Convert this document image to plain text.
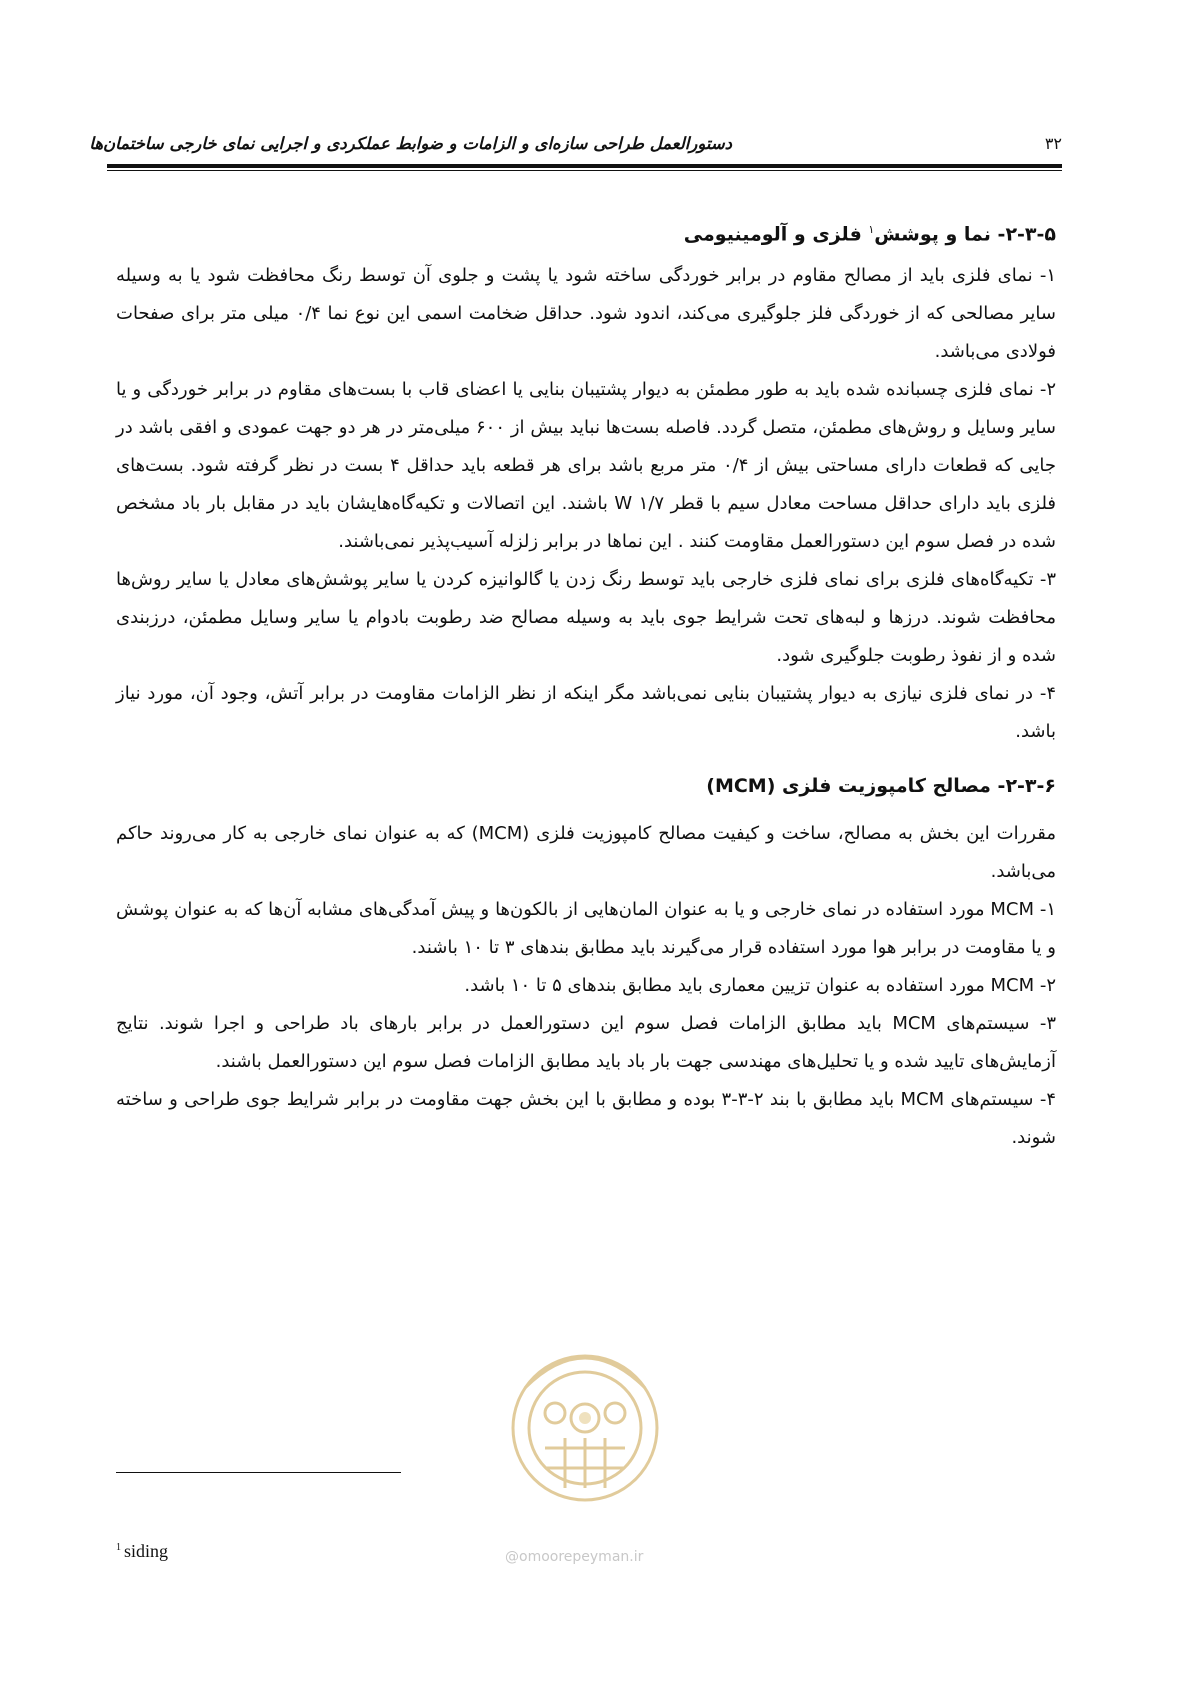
دستورالعمل طراحی سازه‌ای و الزامات و ضوابط عملکردی و اجرایی نمای خارجی ساختمان‌ها	۳۲
۲-۳-۵- نما و پوشش$^۱$ فلزی و آلومینیومی

۱- نمای فلزی باید از مصالح مقاوم در برابر خوردگی ساخته شود یا پشت و جلوی آن توسط رنگ محافظت شود یا به وسیله سایر مصالحی که از خوردگی فلز جلوگیری می‌کند، اندود شود. حداقل ضخامت اسمی این نوع نما ۰/۴ میلی متر برای صفحات فولادی می‌باشد.

۲- نمای فلزی چسبانده شده باید به طور مطمئن به دیوار پشتیبان بنایی یا اعضای قاب با بست‌های مقاوم در برابر خوردگی و یا سایر وسایل و روش‌های مطمئن، متصل گردد. فاصله بست‌ها نباید بیش از ۶۰۰ میلی‌متر در هر دو جهت عمودی و افقی باشد در جایی که قطعات دارای مساحتی بیش از ۰/۴ متر مربع باشد برای هر قطعه باید حداقل ۴ بست در نظر گرفته شود. بست‌های فلزی باید دارای حداقل مساحت معادل سیم با قطر W ۱/۷ باشند. این اتصالات و تکیه‌گاه‌هایشان باید در مقابل بار باد مشخص شده در فصل سوم این دستورالعمل مقاومت کنند . این نماها در برابر زلزله آسیب‌پذیر نمی‌باشند.

۳- تکیه‌گاه‌های فلزی برای نمای فلزی خارجی باید توسط رنگ زدن یا گالوانیزه کردن یا سایر پوشش‌های معادل یا سایر روش‌ها محافظت شوند. درزها و لبه‌های تحت شرایط جوی باید به وسیله مصالح ضد رطوبت بادوام یا سایر وسایل مطمئن، درزبندی شده و از نفوذ رطوبت جلوگیری شود.

۴- در نمای فلزی نیازی به دیوار پشتیبان بنایی نمی‌باشد مگر اینکه از نظر الزامات مقاومت در برابر آتش، وجود آن، مورد نیاز باشد.

۲-۳-۶- مصالح کامپوزیت فلزی (MCM)

مقررات این بخش به مصالح، ساخت و کیفیت مصالح کامپوزیت فلزی (MCM) که به عنوان نمای خارجی به کار می‌روند حاکم می‌باشد.

۱- MCM مورد استفاده در نمای خارجی و یا به عنوان المان‌هایی از بالکون‌ها و پیش آمدگی‌های مشابه آن‌ها که به عنوان پوشش و یا مقاومت در برابر هوا مورد استفاده قرار می‌گیرند باید مطابق بندهای ۳ تا ۱۰ باشند.

۲- MCM مورد استفاده به عنوان تزیین معماری باید مطابق بندهای ۵ تا ۱۰ باشد.

۳- سیستم‌های MCM باید مطابق الزامات فصل سوم این دستورالعمل در برابر بارهای باد طراحی و اجرا شوند. نتایج آزمایش‌های تایید شده و یا تحلیل‌های مهندسی جهت بار باد باید مطابق الزامات فصل سوم این دستورالعمل باشند.

۴- سیستم‌های MCM باید مطابق با بند ۲-۳-۳ بوده و مطابق با این بخش جهت مقاومت در برابر شرایط جوی طراحی و ساخته شوند.

@omoorepeyman.ir
$^1$ siding
